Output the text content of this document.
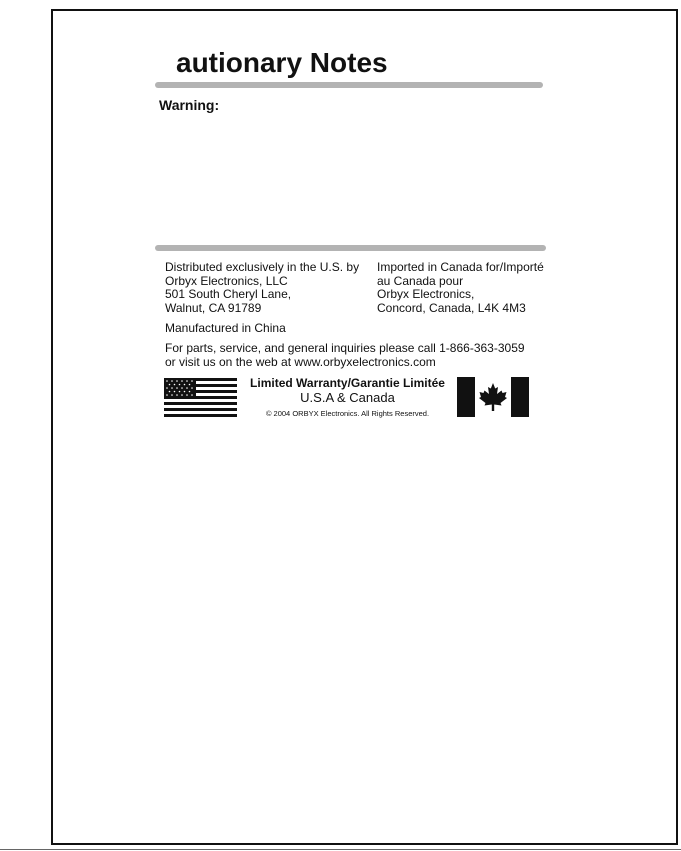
autionary Notes
Warning:
Distributed exclusively in the U.S. by
Orbyx Electronics, LLC
501 South Cheryl Lane,
Walnut, CA 91789
Imported in Canada for/Importé
au Canada pour
Orbyx Electronics,
Concord, Canada, L4K 4M3
Manufactured in China
For parts, service, and general inquiries please call 1-866-363-3059
or visit us on the web at www.orbyxelectronics.com
Limited Warranty/Garantie Limitée
U.S.A & Canada
© 2004 ORBYX Electronics. All Rights Reserved.
